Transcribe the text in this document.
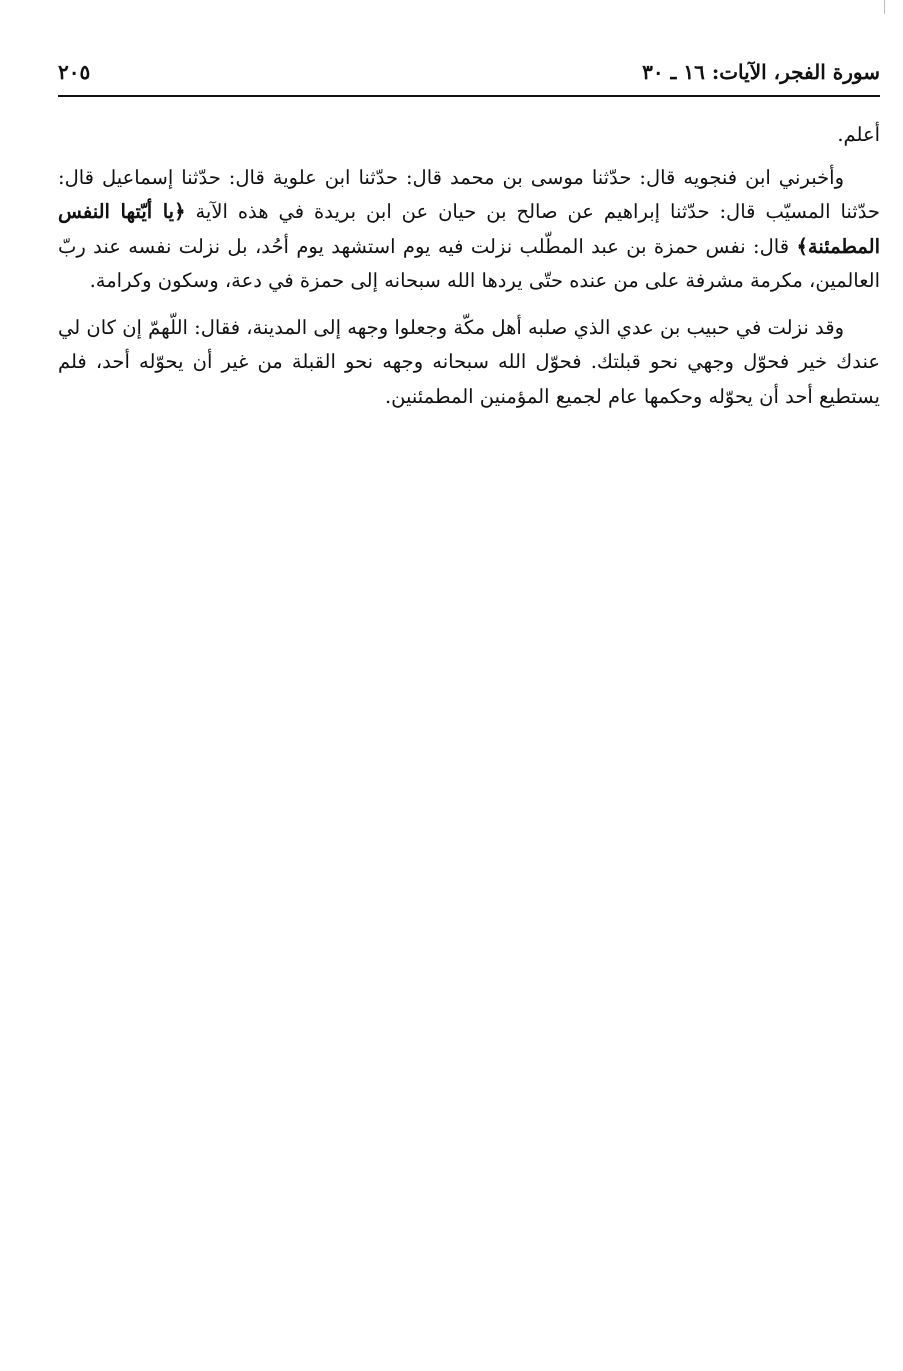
سورة الفجر، الآيات: ١٦ ـ ٣٠
٢٠٥

أعلم.

وأخبرني ابن فنجويه قال: حدّثنا موسى بن محمد قال: حدّثنا ابن علوية قال: حدّثنا إسماعيل قال: حدّثنا المسيّب قال: حدّثنا إبراهيم عن صالح بن حيان عن ابن بريدة في هذه الآية ﴿يا أيّتها النفس المطمئنة﴾ قال: نفس حمزة بن عبد المطّلب نزلت فيه يوم استشهد يوم أحُد، بل نزلت نفسه عند ربّ العالمين، مكرمة مشرفة على من عنده حتّى يردها الله سبحانه إلى حمزة في دعة، وسكون وكرامة.

وقد نزلت في حبيب بن عدي الذي صلبه أهل مكّة وجعلوا وجهه إلى المدينة، فقال: اللّهمّ إن كان لي عندك خير فحوّل وجهي نحو قبلتك. فحوّل الله سبحانه وجهه نحو القبلة من غير أن يحوّله أحد، فلم يستطيع أحد أن يحوّله وحكمها عام لجميع المؤمنين المطمئنين.
